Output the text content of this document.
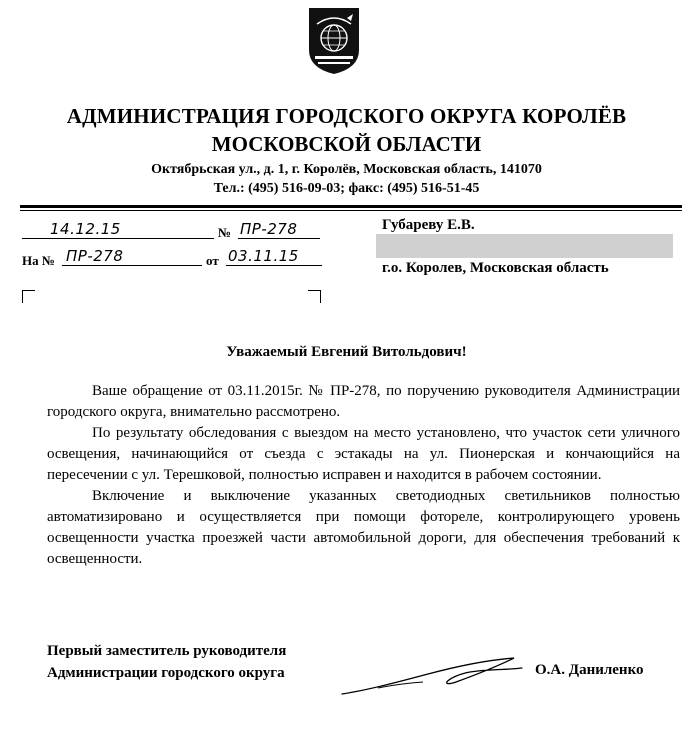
АДМИНИСТРАЦИЯ ГОРОДСКОГО ОКРУГА КОРОЛЁВ
МОСКОВСКОЙ ОБЛАСТИ
Октябрьская ул., д. 1, г. Королёв, Московская область, 141070
Тел.: (495) 516-09-03; факс: (495) 516-51-45
14.12.15	№ ПР-278
На № ПР-278	от 03.11.15
Губареву Е.В.
г.о. Королев, Московская область
Уважаемый Евгений Витольдович!

Ваше обращение от 03.11.2015г. № ПР-278, по поручению руководителя Администрации городского округа, внимательно рассмотрено.

По результату обследования с выездом на место установлено, что участок сети уличного освещения, начинающийся от съезда с эстакады на ул. Пионерская и кончающийся на пересечении с ул. Терешковой, полностью исправен и находится в рабочем состоянии.

Включение и выключение указанных светодиодных светильников полностью автоматизировано и осуществляется при помощи фотореле, контролирующего уровень освещенности участка проезжей части автомобильной дороги, для обеспечения требований к освещенности.

Первый заместитель руководителя
Администрации городского округа	О.А. Даниленко
